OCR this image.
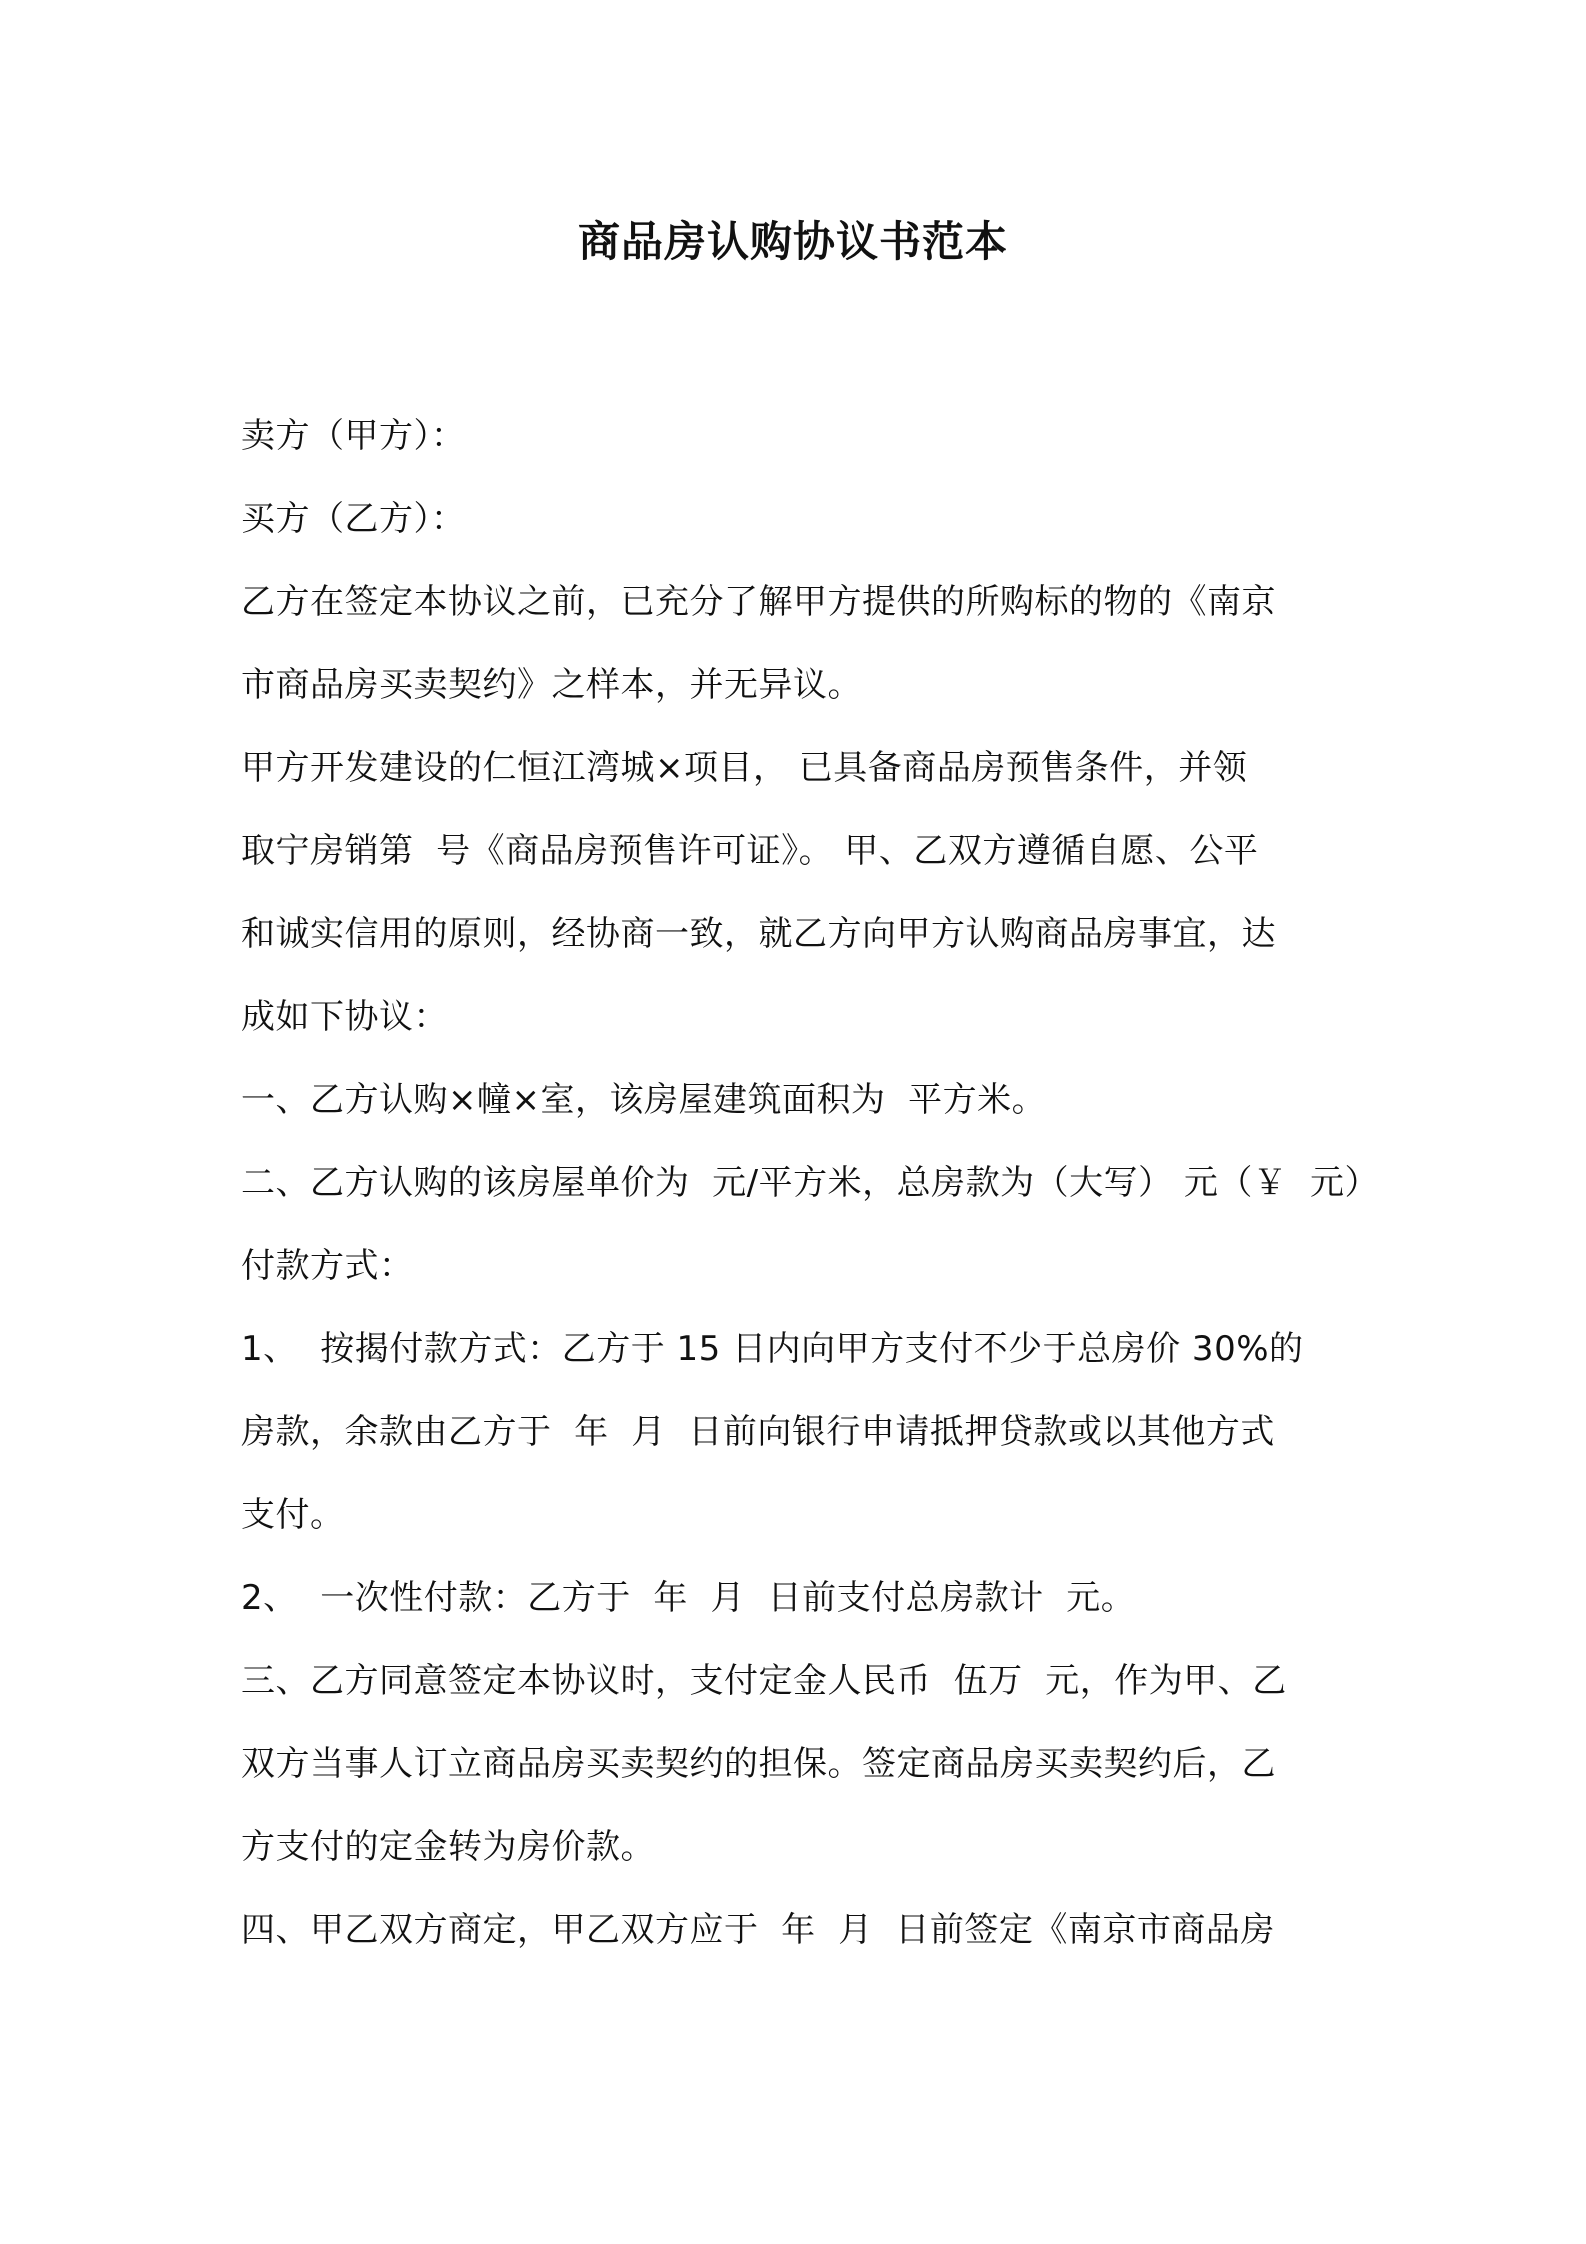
商品房认购协议书范本
卖方（甲方）：
买方（乙方）：
乙方在签定本协议之前，已充分了解甲方提供的所购标的物的《南京
市商品房买卖契约》之样本，并无异议。
甲方开发建设的仁恒江湾城×项目， 已具备商品房预售条件，并领
取宁房销第  号《商品房预售许可证》。 甲、乙双方遵循自愿、公平
和诚实信用的原则，经协商一致，就乙方向甲方认购商品房事宜，达
成如下协议：
一、乙方认购×幢×室，该房屋建筑面积为  平方米。
二、乙方认购的该房屋单价为  元/平方米，总房款为（大写） 元（￥  元）
付款方式：
1、  按揭付款方式：乙方于 15 日内向甲方支付不少于总房价 30%的
房款，余款由乙方于  年  月  日前向银行申请抵押贷款或以其他方式
支付。
2、  一次性付款：乙方于  年  月  日前支付总房款计  元。
三、乙方同意签定本协议时，支付定金人民币  伍万  元，作为甲、乙
双方当事人订立商品房买卖契约的担保。签定商品房买卖契约后，乙
方支付的定金转为房价款。
四、甲乙双方商定，甲乙双方应于  年  月  日前签定《南京市商品房
